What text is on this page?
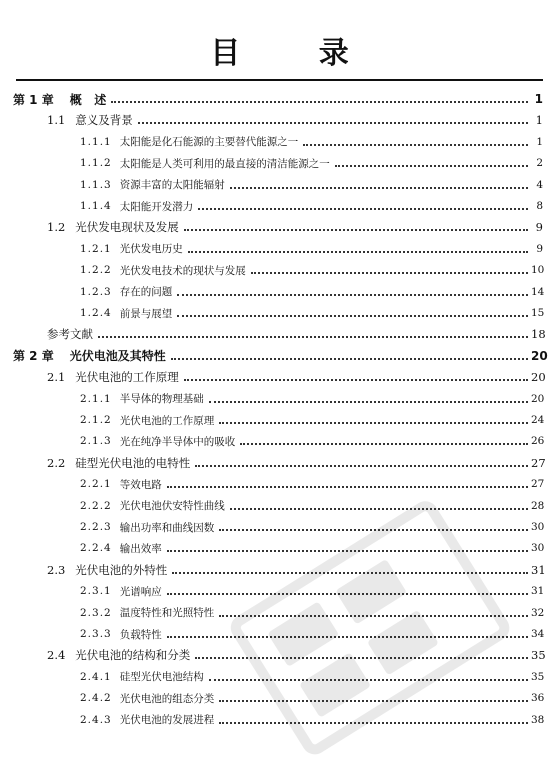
目 录
第 1 章	概   述	1
1.1 意义及背景	1
1.1.1 太阳能是化石能源的主要替代能源之一	1
1.1.2 太阳能是人类可利用的最直接的清洁能源之一	2
1.1.3 资源丰富的太阳能辐射	4
1.1.4 太阳能开发潜力	8
1.2 光伏发电现状及发展	9
1.2.1 光伏发电历史	9
1.2.2 光伏发电技术的现状与发展	10
1.2.3 存在的问题	14
1.2.4 前景与展望	15
参考文献	18
第 2 章	光伏电池及其特性	20
2.1 光伏电池的工作原理	20
2.1.1 半导体的物理基础	20
2.1.2 光伏电池的工作原理	24
2.1.3 光在纯净半导体中的吸收	26
2.2 硅型光伏电池的电特性	27
2.2.1 等效电路	27
2.2.2 光伏电池伏安特性曲线	28
2.2.3 输出功率和曲线因数	30
2.2.4 输出效率	30
2.3 光伏电池的外特性	31
2.3.1 光谱响应	31
2.3.2 温度特性和光照特性	32
2.3.3 负载特性	34
2.4 光伏电池的结构和分类	35
2.4.1 硅型光伏电池结构	35
2.4.2 光伏电池的组态分类	36
2.4.3 光伏电池的发展进程	38
